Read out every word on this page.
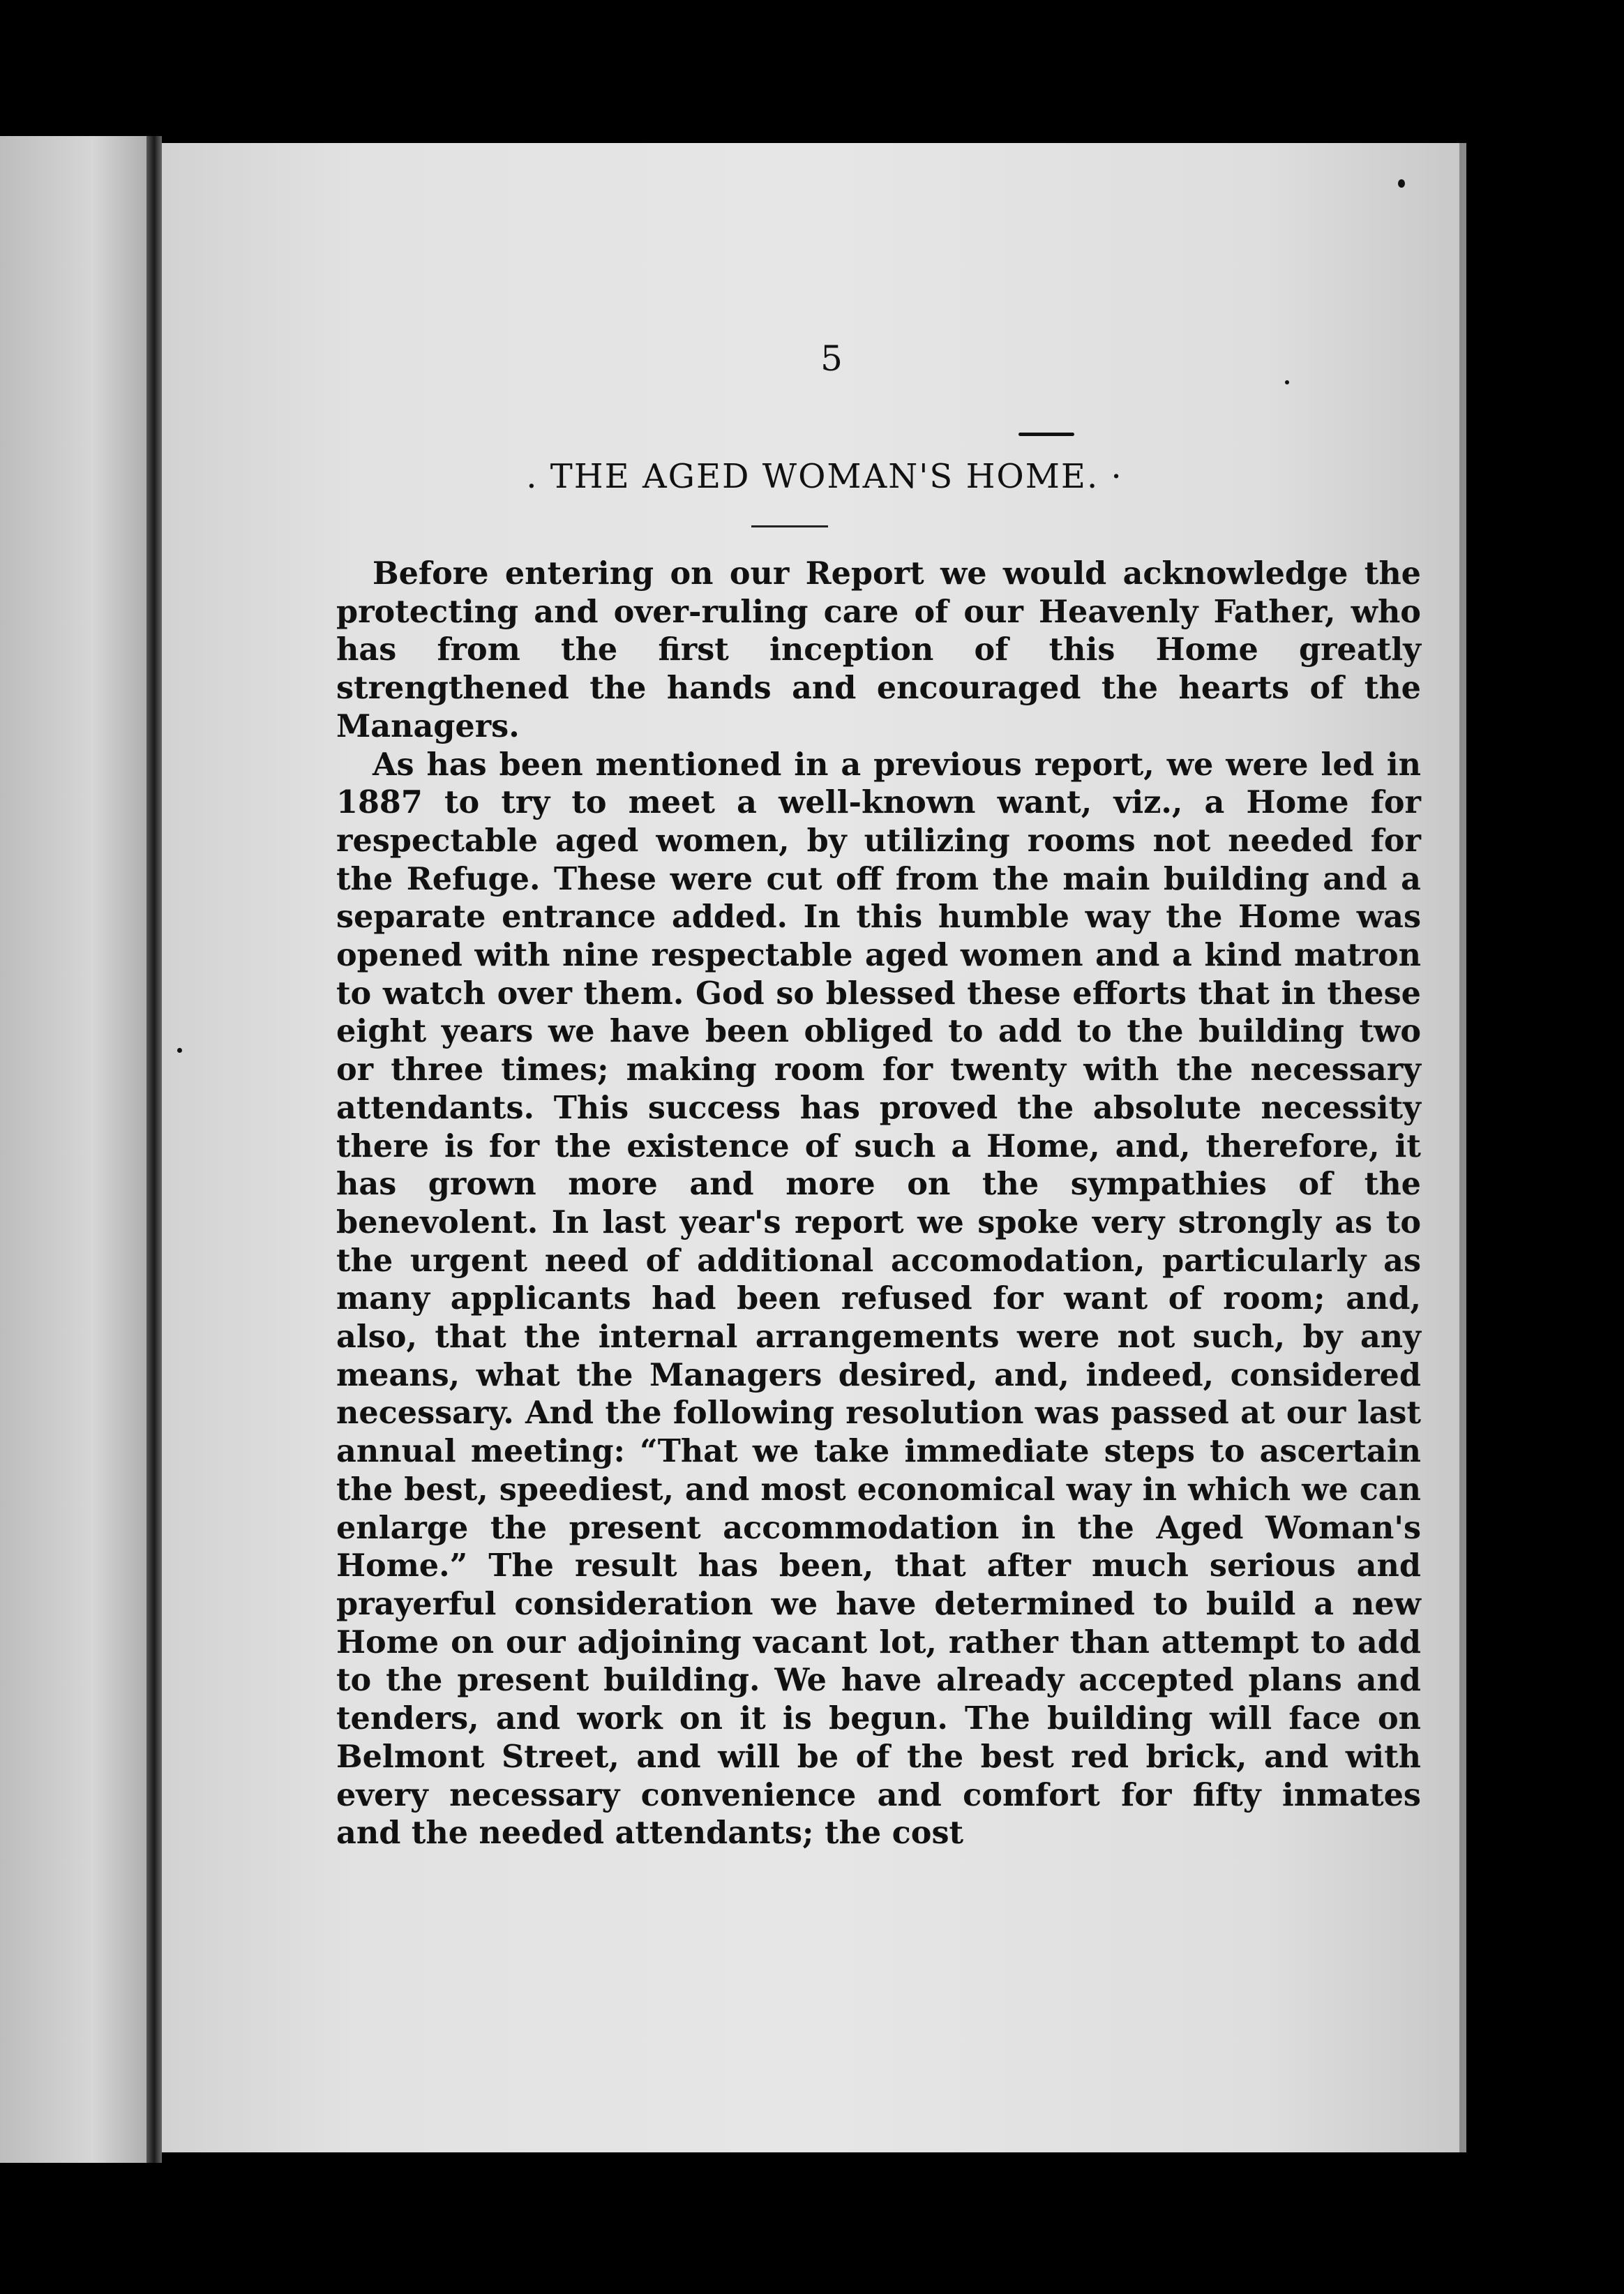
5
. THE AGED WOMAN'S HOME. ·

Before entering on our Report we would acknowledge the protecting and over-ruling care of our Heavenly Father, who has from the first inception of this Home greatly strengthened the hands and encouraged the hearts of the Managers.

As has been mentioned in a previous report, we were led in 1887 to try to meet a well-known want, viz., a Home for respectable aged women, by utilizing rooms not needed for the Refuge. These were cut off from the main building and a separate entrance added. In this humble way the Home was opened with nine respectable aged women and a kind matron to watch over them. God so blessed these efforts that in these eight years we have been obliged to add to the building two or three times; making room for twenty with the necessary attendants. This success has proved the absolute necessity there is for the existence of such a Home, and, therefore, it has grown more and more on the sympathies of the benevolent. In last year's report we spoke very strongly as to the urgent need of additional accomodation, particularly as many applicants had been refused for want of room; and, also, that the internal arrangements were not such, by any means, what the Managers desired, and, indeed, considered necessary. And the following resolution was passed at our last annual meeting: “That we take immediate steps to ascertain the best, speediest, and most economical way in which we can enlarge the present accommodation in the Aged Woman's Home.” The result has been, that after much serious and prayerful consideration we have determined to build a new Home on our adjoining vacant lot, rather than attempt to add to the present building. We have already accepted plans and tenders, and work on it is begun. The building will face on Belmont Street, and will be of the best red brick, and with every necessary convenience and comfort for fifty inmates and the needed attendants; the cost
